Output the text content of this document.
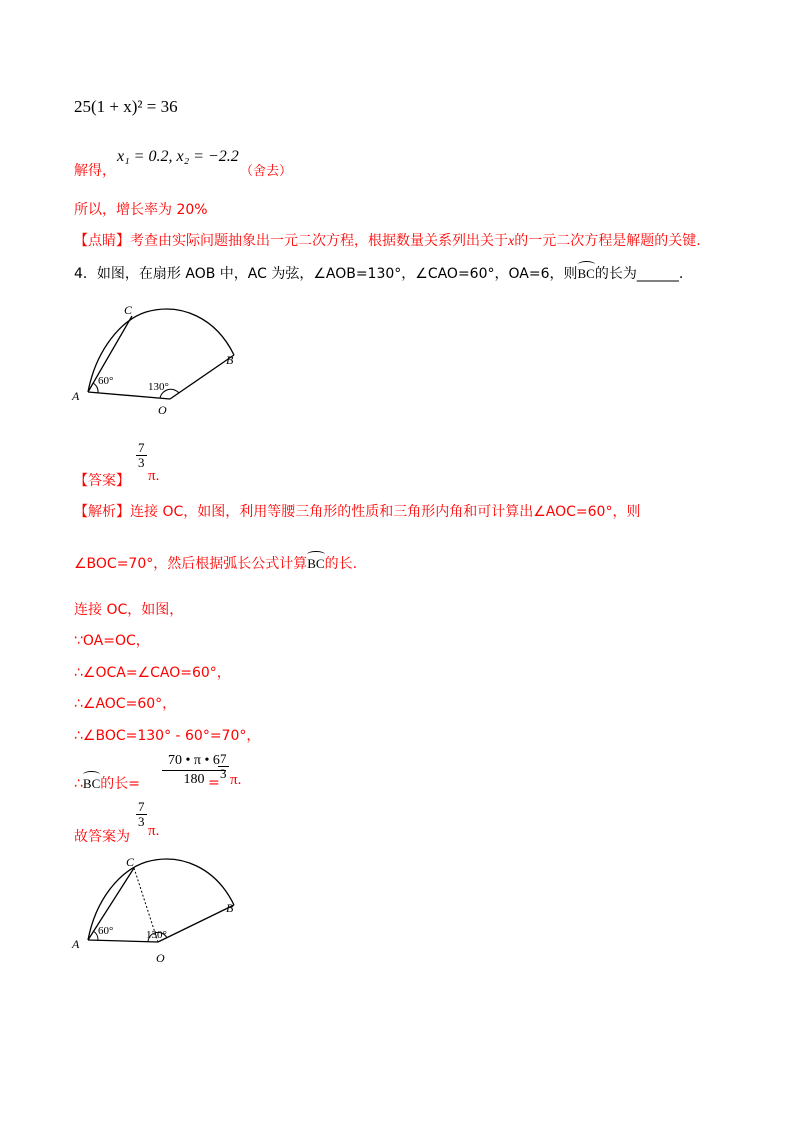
25(1 + x)² = 36
解得，
x₁ = 0.2, x₂ = −2.2
（舍去）
所以，增长率为 20%
【点睛】考查由实际问题抽象出一元二次方程，根据数量关系列出关于x的一元二次方程是解题的关键.
4．如图，在扇形 AOB 中，AC 为弦，∠AOB=130°，∠CAO=60°，OA=6，则BC的长为______.
C
B
A
O
60°	130°
【答案】
$\frac{7}{3}$
π.
【解析】连接 OC，如图，利用等腰三角形的性质和三角形内角和可计算出∠AOC=60°，则
∠BOC=70°，然后根据弧长公式计算BC的长.
连接 OC，如图，
∵OA=OC，
∴∠OCA=∠CAO=60°，
∴∠AOC=60°，
∴∠BOC=130° - 60°=70°，
∴BC的长= $\frac{70 • \pi • 6}{180}$
=
$\frac{7}{3} \pi$.
故答案为
$\frac{7}{3}$
π.
C
B
A
O
60°	130°
